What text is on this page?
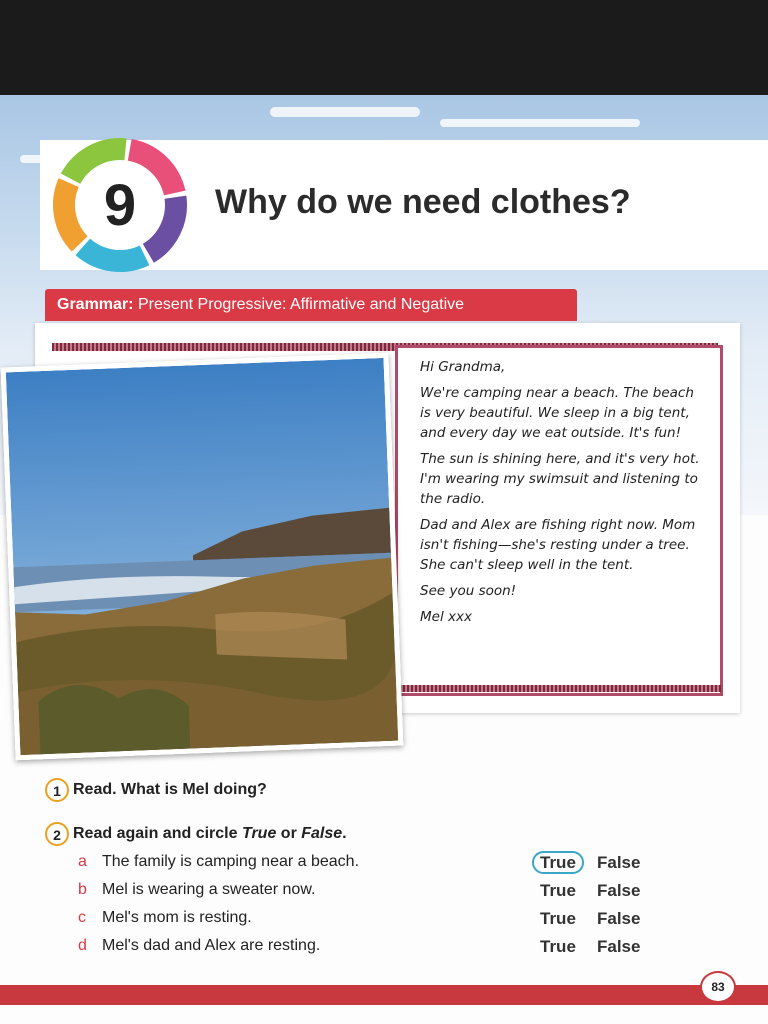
9 Why do we need clothes?
Grammar: Present Progressive: Affirmative and Negative

Hi Grandma,

We're camping near a beach. The beach is very beautiful. We sleep in a big tent, and every day we eat outside. It's fun!

The sun is shining here, and it's very hot. I'm wearing my swimsuit and listening to the radio.

Dad and Alex are fishing right now. Mom isn't fishing—she's resting under a tree. She can't sleep well in the tent.

See you soon!

Mel xxx

1 Read. What is Mel doing?
2 Read again and circle True or False.
a The family is camping near a beach.	True	False
b Mel is wearing a sweater now.	True False
c Mel's mom is resting.	True False
d Mel's dad and Alex are resting.	True False
83
